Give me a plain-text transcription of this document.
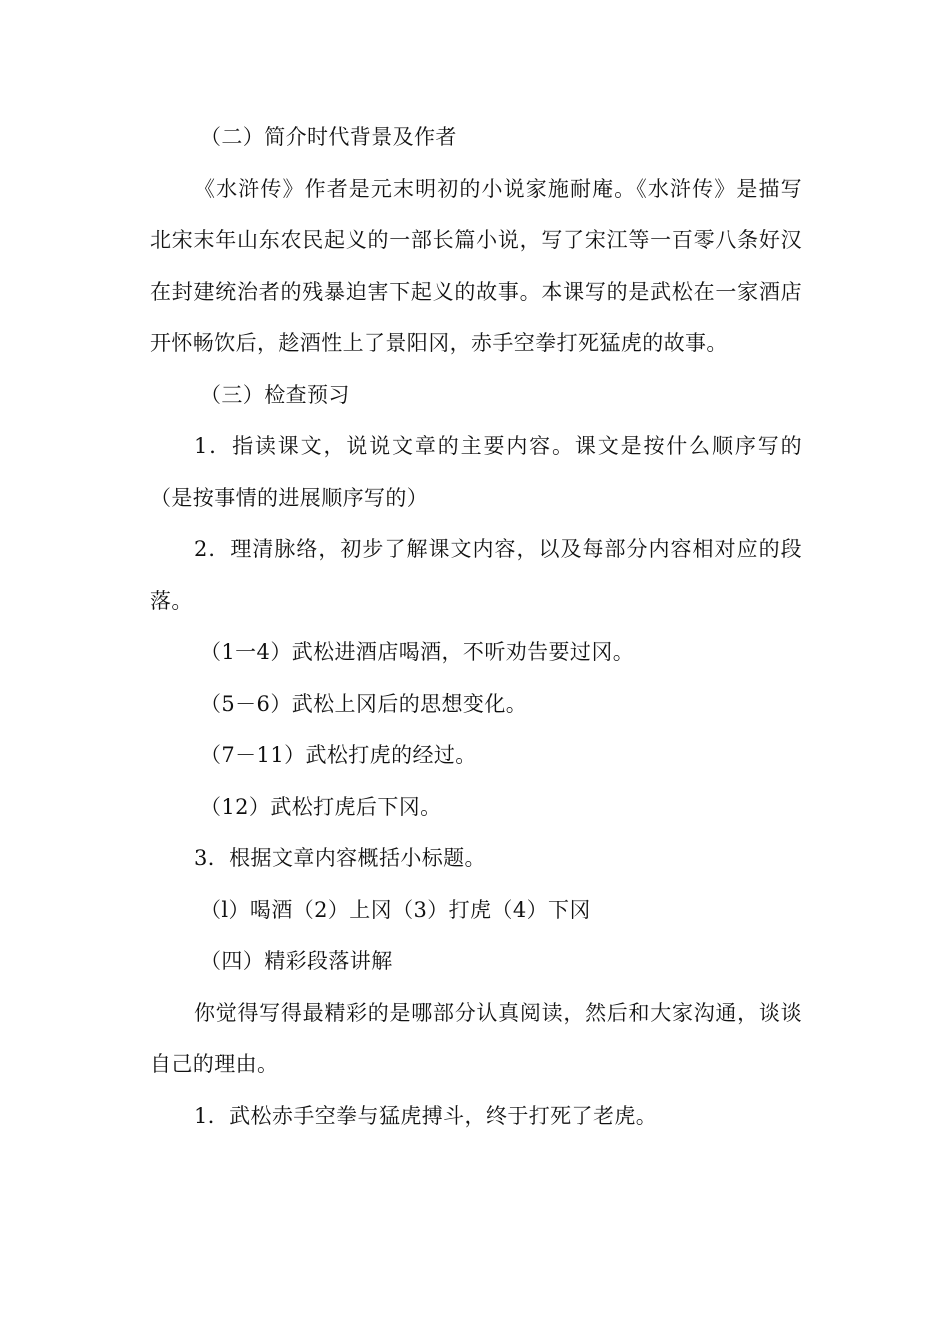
（二）简介时代背景及作者

《水浒传》作者是元末明初的小说家施耐庵。《水浒传》是描写北宋末年山东农民起义的一部长篇小说，写了宋江等一百零八条好汉在封建统治者的残暴迫害下起义的故事。本课写的是武松在一家酒店开怀畅饮后，趁酒性上了景阳冈，赤手空拳打死猛虎的故事。

（三）检查预习

1．指读课文，说说文章的主要内容。课文是按什么顺序写的（是按事情的进展顺序写的）

2．理清脉络，初步了解课文内容，以及每部分内容相对应的段落。

（1一4）武松进酒店喝酒，不听劝告要过冈。

（5－6）武松上冈后的思想变化。

（7－11）武松打虎的经过。

（12）武松打虎后下冈。

3．根据文章内容概括小标题。

（l）喝酒（2）上冈（3）打虎（4）下冈

（四）精彩段落讲解

你觉得写得最精彩的是哪部分认真阅读，然后和大家沟通，谈谈自己的理由。

1．武松赤手空拳与猛虎搏斗，终于打死了老虎。
